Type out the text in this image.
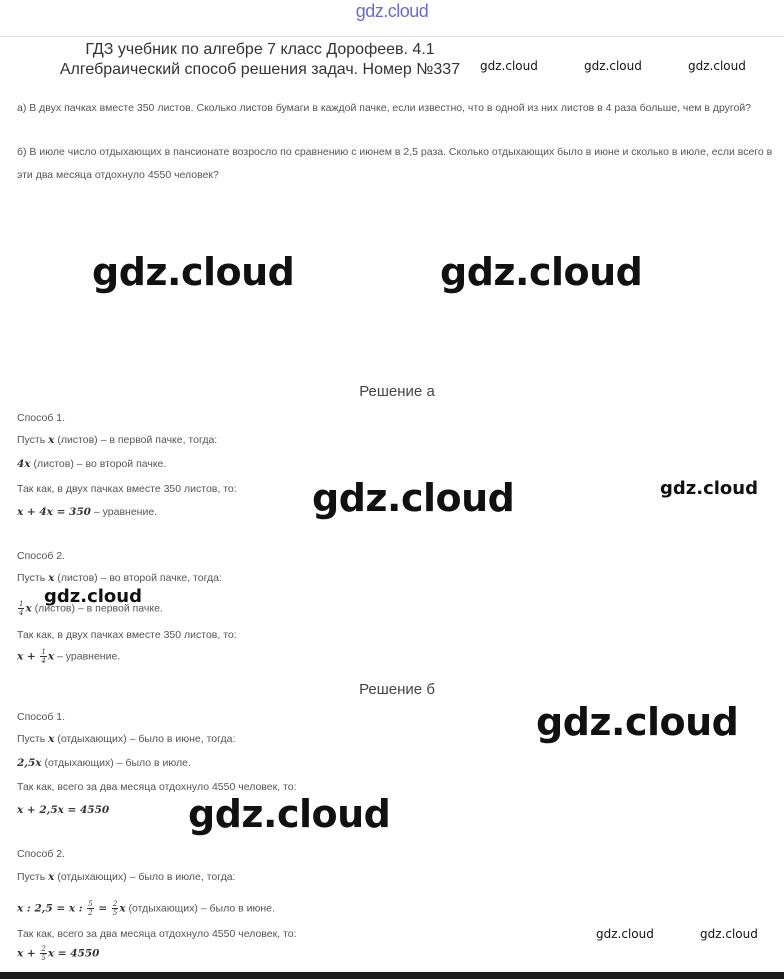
gdz.cloud
ГДЗ учебник по алгебре 7 класс Дорофеев. 4.1
Алгебраический способ решения задач. Номер №337	gdz.cloud	gdz.cloud	gdz.cloud
а) В двух пачках вместе 350 листов. Сколько листов бумаги в каждой пачке, если известно, что в одной из них листов в 4 раза больше, чем в другой?
б) В июле число отдыхающих в пансионате возросло по сравнению с июнем в 2,5 раза. Сколько отдыхающих было в июне и сколько в июле, если всего в эти два месяца отдохнуло 4550 человек?
gdz.cloud	gdz.cloud
Решение а
Способ 1.
Пусть x (листов) – в первой пачке, тогда:
4x (листов) – во второй пачке.
Так как, в двух пачках вместе 350 листов, то:
x + 4x = 350 – уравнение.	gdz.cloud	gdz.cloud
Способ 2.
Пусть x (листов) – во второй пачке, тогда:
gdz.cloud
$\frac{1}{4}$ x (листов) – в первой пачке.
Так как, в двух пачках вместе 350 листов, то:
$x + \frac{1}{4}$ x – уравнение.
Решение б
gdz.cloud
Способ 1.
Пусть x (отдыхающих) – было в июне, тогда:
2,5x (отдыхающих) – было в июле.
Так как, всего за два месяца отдохнуло 4550 человек, то:
x + 2,5x = 4550 gdz.cloud
Способ 2.
Пусть x (отдыхающих) – было в июле, тогда:
x : 2,5 = x : $\frac{5}{2} = \frac{2}{5}$ x (отдыхающих) – было в июне.
Так как, всего за два месяца отдохнуло 4550 человек, то:
$x + \frac{2}{5}$ x = 4550
gdz.cloud	gdz.cloud
